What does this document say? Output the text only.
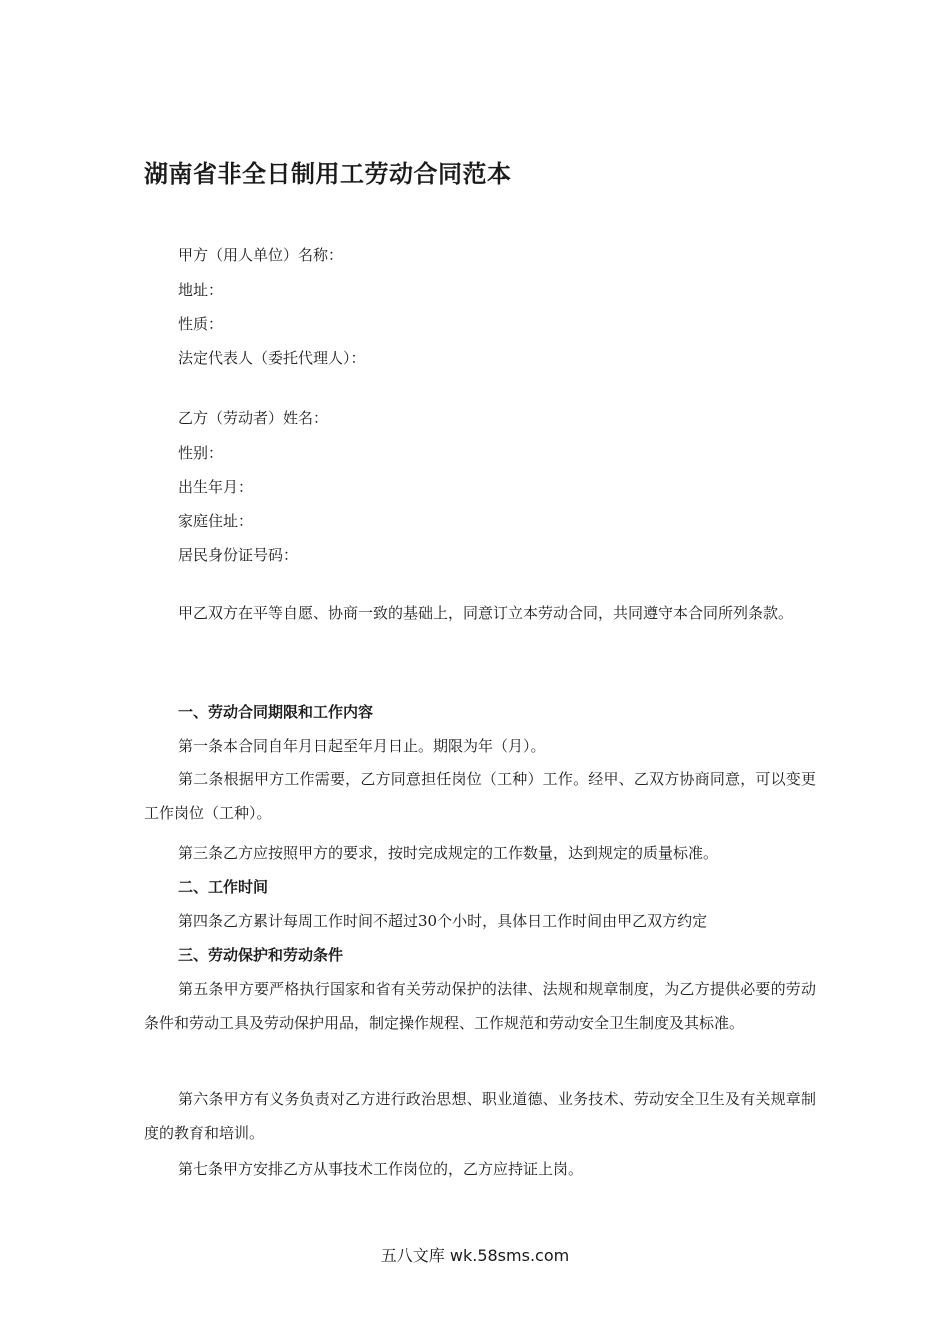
湖南省非全日制用工劳动合同范本
甲方（用人单位）名称：
地址：
性质：
法定代表人（委托代理人）：
乙方（劳动者）姓名：
性别：
出生年月：
家庭住址：
居民身份证号码：
甲乙双方在平等自愿、协商一致的基础上，同意订立本劳动合同，共同遵守本合同所列条款。
一、劳动合同期限和工作内容
第一条本合同自年月日起至年月日止。期限为年（月）。
第二条根据甲方工作需要，乙方同意担任岗位（工种）工作。经甲、乙双方协商同意，可以变更工作岗位（工种）。
第三条乙方应按照甲方的要求，按时完成规定的工作数量，达到规定的质量标准。
二、工作时间
第四条乙方累计每周工作时间不超过30个小时，具体日工作时间由甲乙双方约定
三、劳动保护和劳动条件
第五条甲方要严格执行国家和省有关劳动保护的法律、法规和规章制度，为乙方提供必要的劳动条件和劳动工具及劳动保护用品，制定操作规程、工作规范和劳动安全卫生制度及其标准。
第六条甲方有义务负责对乙方进行政治思想、职业道德、业务技术、劳动安全卫生及有关规章制度的教育和培训。
第七条甲方安排乙方从事技术工作岗位的，乙方应持证上岗。
五八文库 wk.58sms.com
